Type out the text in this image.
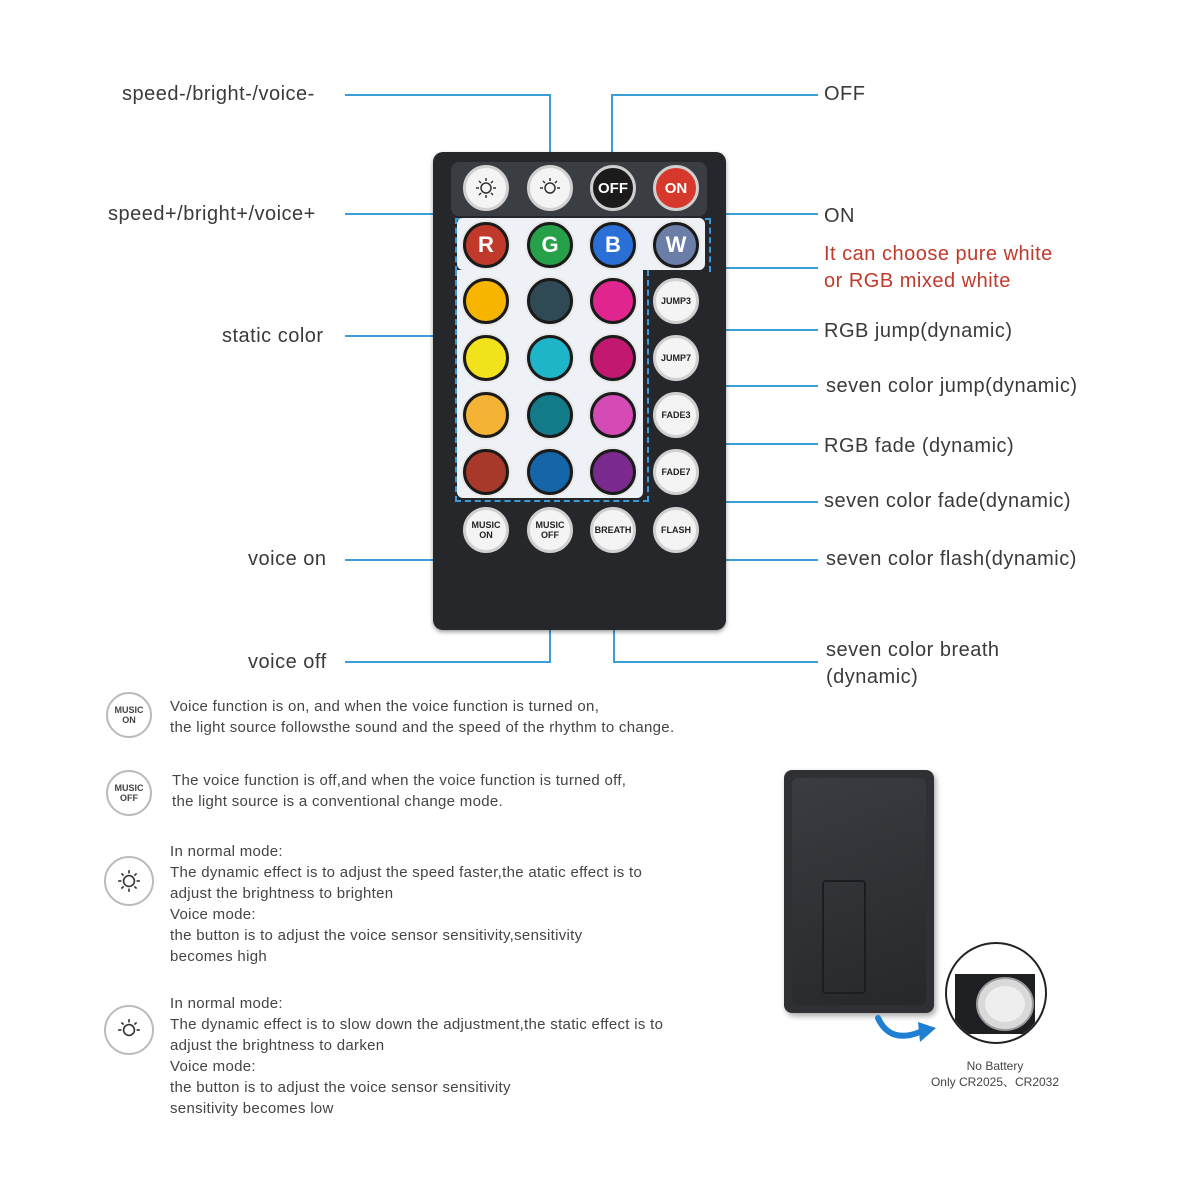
speed-/bright-/voice-
speed+/bright+/voice+
static color
voice on
voice off
OFF
ON
It can choose pure white
or RGB mixed white
RGB jump(dynamic)
seven color jump(dynamic)
RGB fade (dynamic)
seven color fade(dynamic)
seven color flash(dynamic)
seven color breath
(dynamic)
OFF	ON
R	G	B	W
JUMP3
JUMP7
FADE3
FADE7
MUSIC
ON
MUSIC
OFF	BREATH	FLASH
MUSIC
ON
Voice function is on, and when the voice function is turned on,
the light source followsthe sound and the speed of the rhythm to change.
MUSIC
OFF
The voice function is off,and when the voice function is turned off,
the light source is a conventional change mode.
In normal mode:
The dynamic effect is to adjust the speed faster,the atatic effect is to
adjust the brightness to brighten
Voice mode:
the button is to adjust the voice sensor sensitivity,sensitivity
becomes high
In normal mode:
The dynamic effect is to slow down the adjustment,the static effect is to
adjust the brightness to darken
Voice mode:
the button is to adjust the voice sensor sensitivity
sensitivity becomes low
No Battery
Only CR2025、CR2032
